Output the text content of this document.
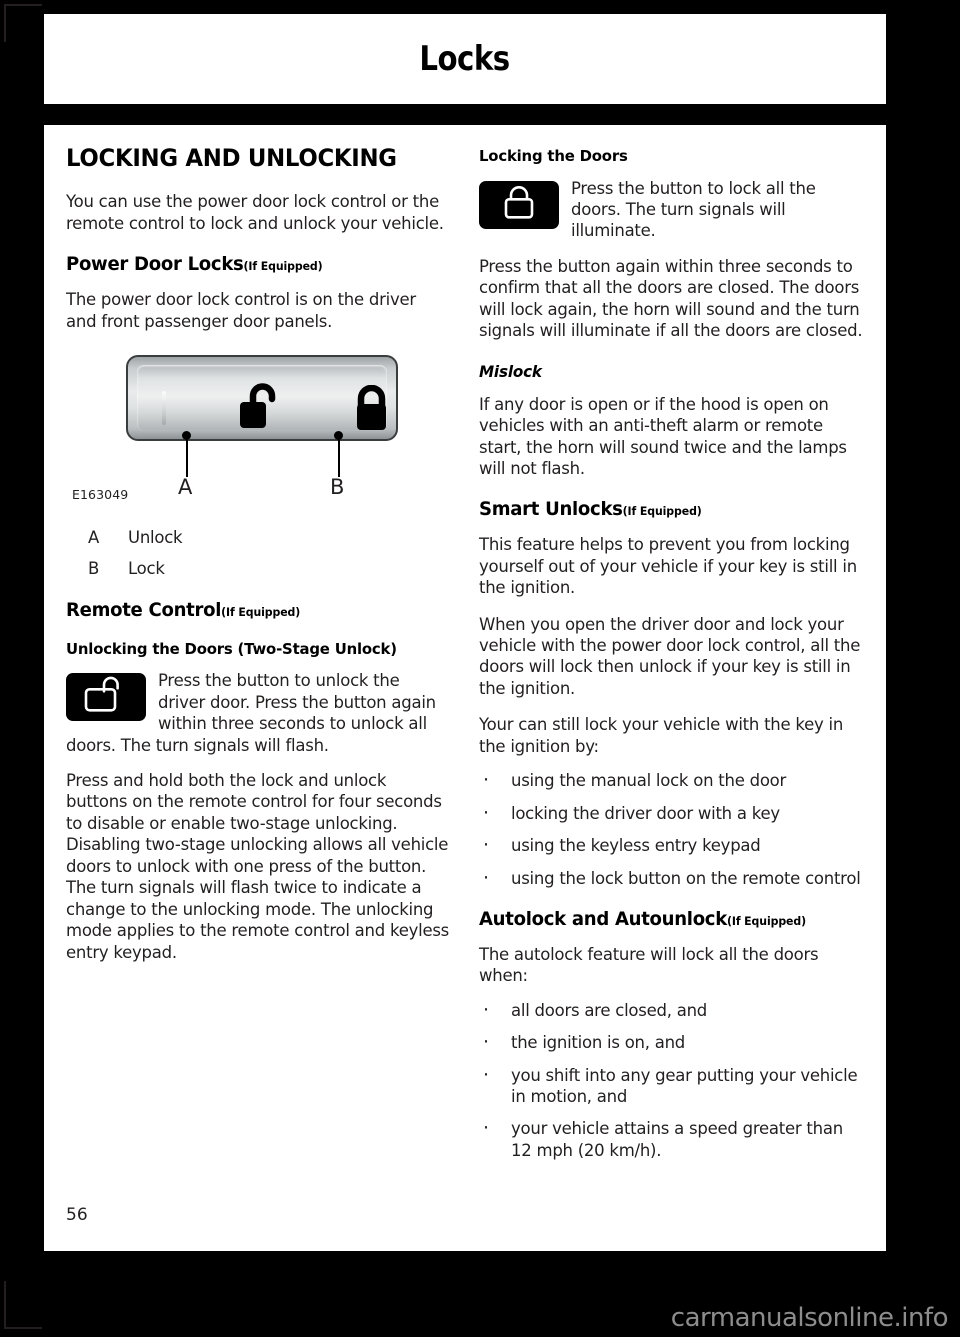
Locks
LOCKING AND UNLOCKING

You can use the power door lock control or the remote control to lock and unlock your vehicle.

Power Door Locks(If Equipped)

The power door lock control is on the driver and front passenger door panels.

A	B
E163049
A	Unlock
B	Lock
Remote Control(If Equipped)
Unlocking the Doors (Two-Stage Unlock)
Press the button to unlock the driver door. Press the button again within three seconds to unlock all doors. The turn signals will flash.

Press and hold both the lock and unlock buttons on the remote control for four seconds to disable or enable two-stage unlocking. Disabling two-stage unlocking allows all vehicle doors to unlock with one press of the button. The turn signals will flash twice to indicate a change to the unlocking mode. The unlocking mode applies to the remote control and keyless entry keypad.

Locking the Doors
Press the button to lock all the doors. The turn signals will illuminate.

Press the button again within three seconds to confirm that all the doors are closed. The doors will lock again, the horn will sound and the turn signals will illuminate if all the doors are closed.

Mislock

If any door is open or if the hood is open on vehicles with an anti-theft alarm or remote start, the horn will sound twice and the lamps will not flash.

Smart Unlocks(If Equipped)

This feature helps to prevent you from locking yourself out of your vehicle if your key is still in the ignition.

When you open the driver door and lock your vehicle with the power door lock control, all the doors will lock then unlock if your key is still in the ignition.

Your can still lock your vehicle with the key in the ignition by:

· using the manual lock on the door
· locking the driver door with a key
· using the keyless entry keypad
· using the lock button on the remote control
Autolock and Autounlock(If Equipped)

The autolock feature will lock all the doors when:

· all doors are closed, and
· the ignition is on, and
· you shift into any gear putting your vehicle in motion, and
· your vehicle attains a speed greater than 12 mph (20 km/h).
56
carmanualsonline.info
